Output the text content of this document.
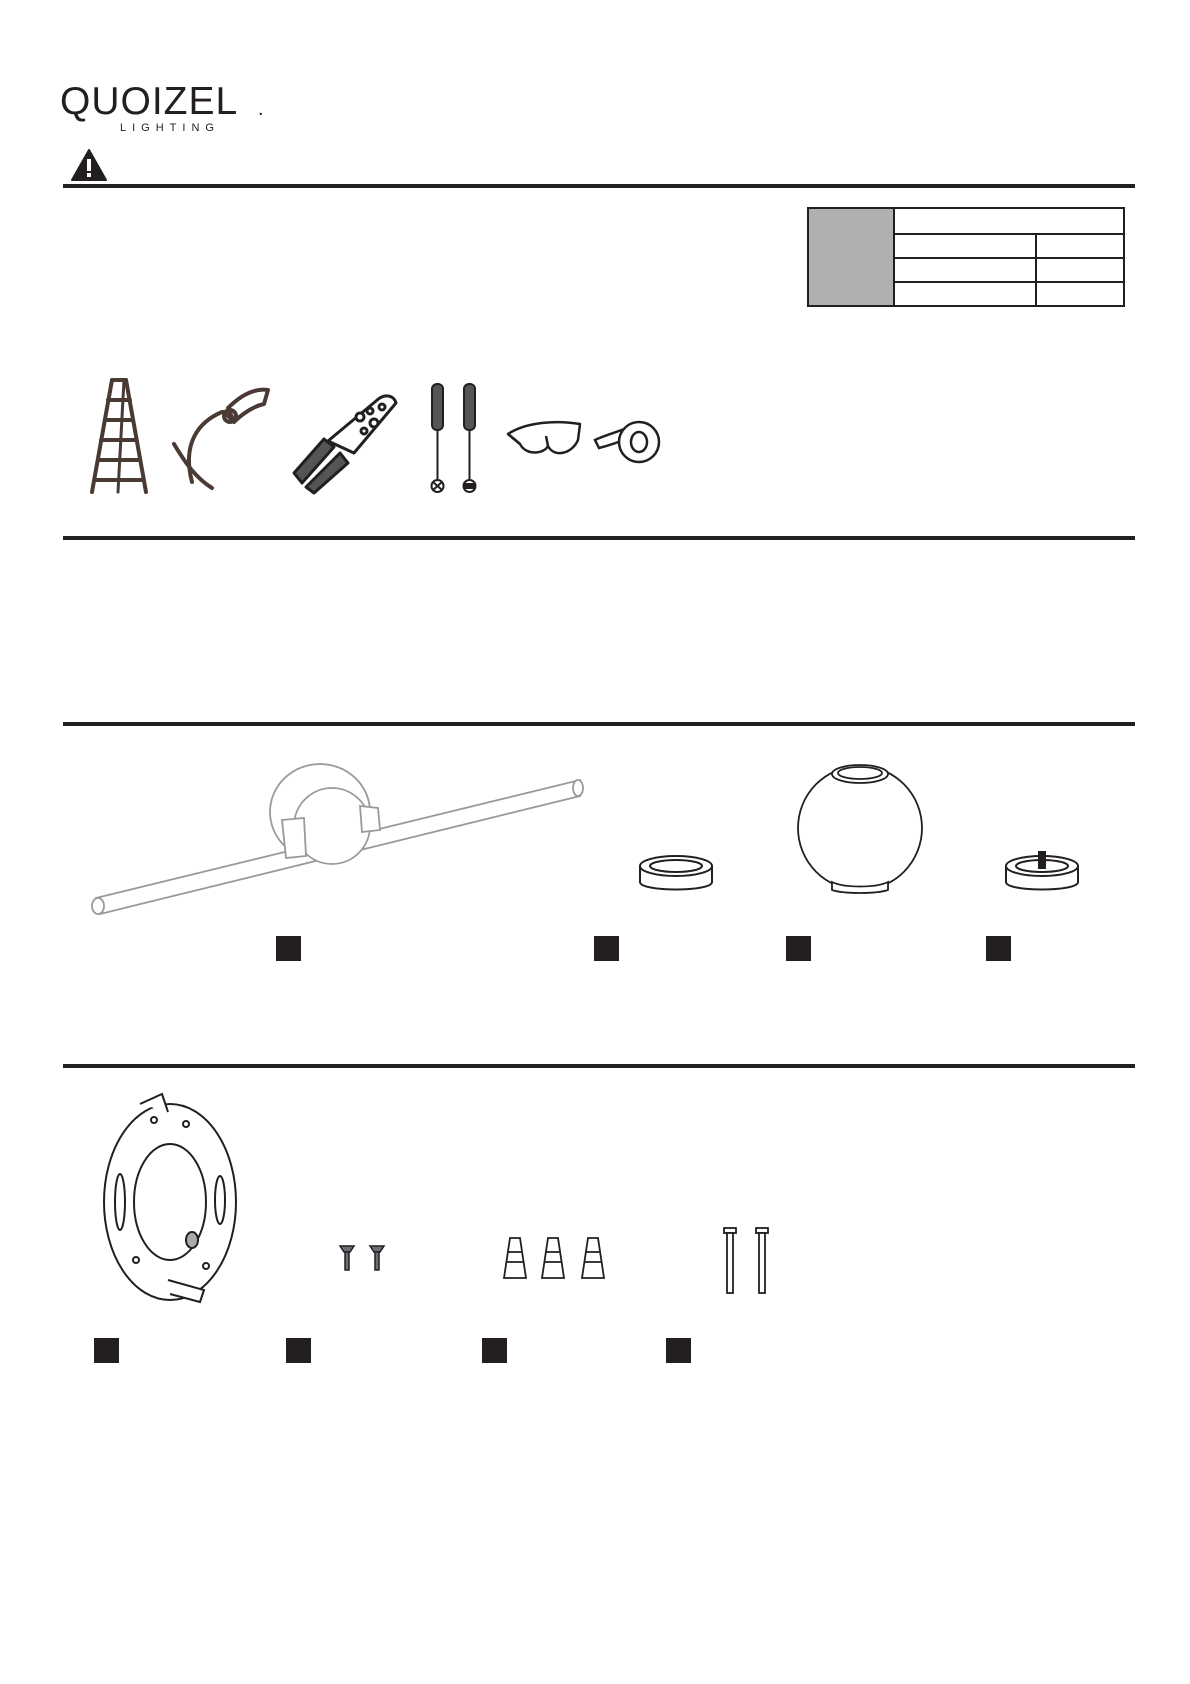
QUOIZEL .
LIGHTING
